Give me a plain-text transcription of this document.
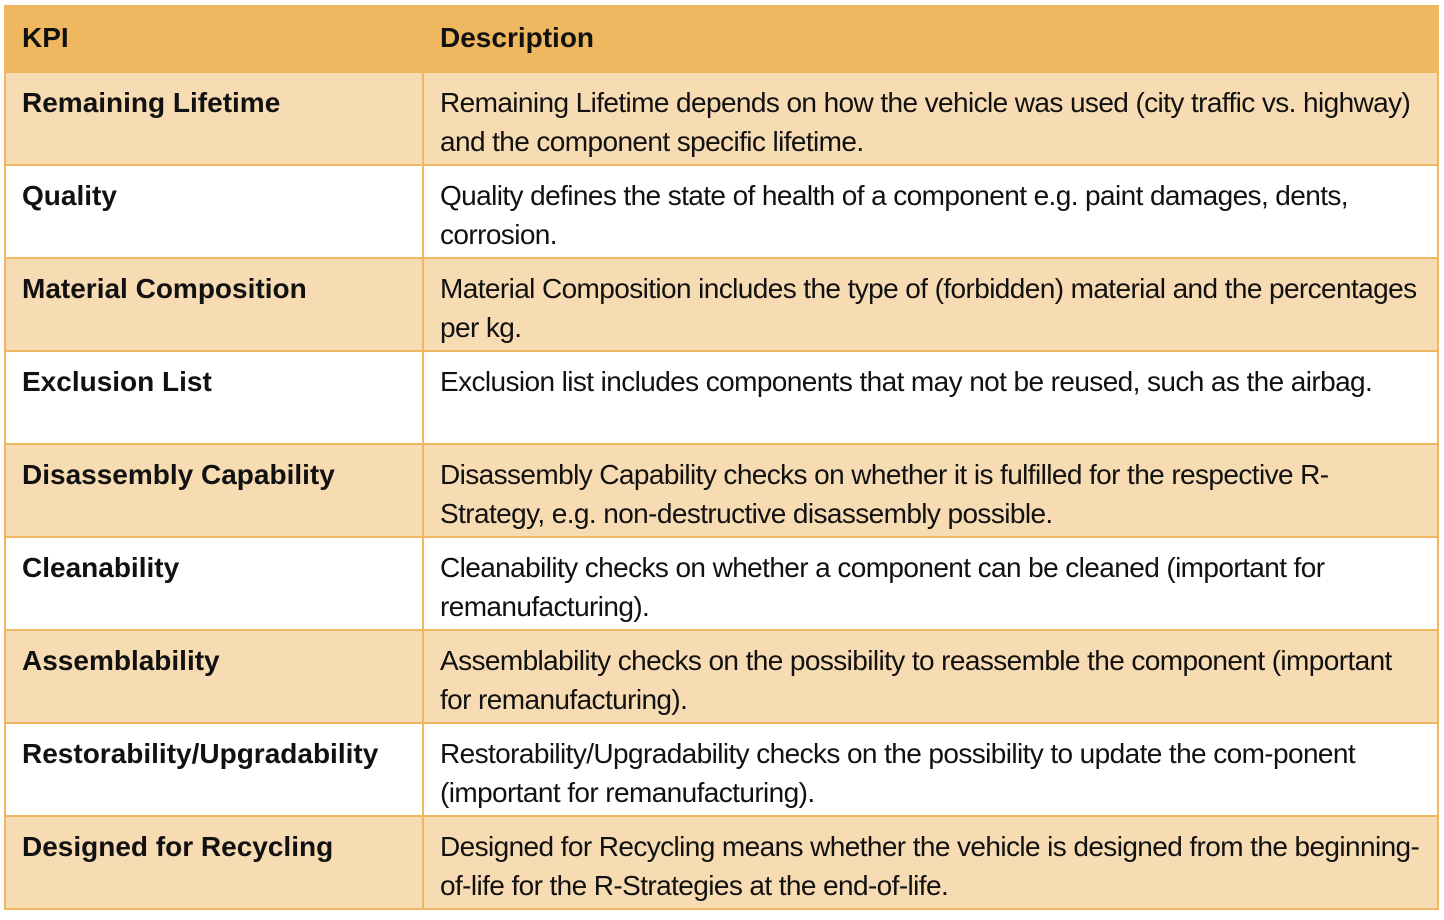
KPI	Description
Remaining Lifetime	Remaining Lifetime depends on how the vehicle was used (city traffic vs. highway) and the component specific lifetime.
Quality	Quality defines the state of health of a component e.g. paint damages, dents, corrosion.
Material Composition	Material Composition includes the type of (forbidden) material and the percentages per kg.
Exclusion List	Exclusion list includes components that may not be reused, such as the airbag.
Disassembly Capability	Disassembly Capability checks on whether it is fulfilled for the respective R-Strategy, e.g. non-destructive disassembly possible.
Cleanability	Cleanability checks on whether a component can be cleaned (important for remanufacturing).
Assemblability	Assemblability checks on the possibility to reassemble the component (important for remanufacturing).
Restorability/Upgradability	Restorability/Upgradability checks on the possibility to update the com-ponent (important for remanufacturing).
Designed for Recycling	Designed for Recycling means whether the vehicle is designed from the beginning-of-life for the R-Strategies at the end-of-life.
